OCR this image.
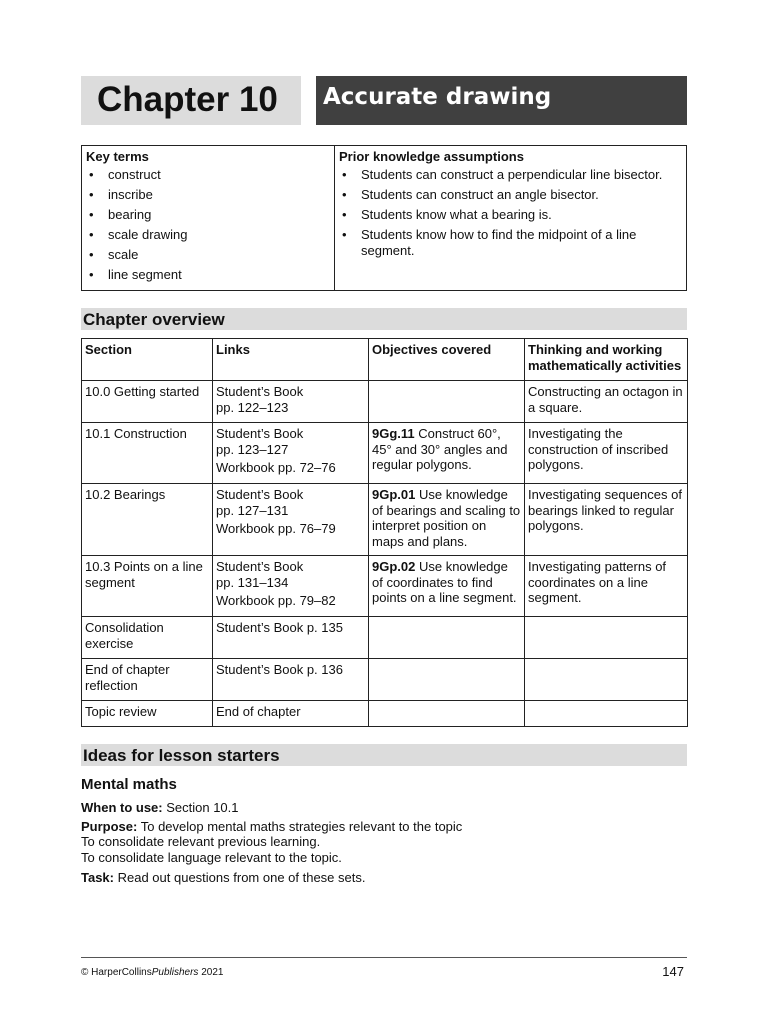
Chapter 10 Accurate drawing
Key terms
• construct
• inscribe
• bearing
• scale drawing
• scale
• line segment
Prior knowledge assumptions
• Students can construct a perpendicular line bisector.
• Students can construct an angle bisector.
• Students know what a bearing is.
• Students know how to find the midpoint of a line segment.
Chapter overview
Section	Links	Objectives covered	Thinking and working mathematically activities
10.0 Getting started	Student’s Book
pp. 122–123		Constructing an octagon in a square.
10.1 Construction	Student’s Book
pp. 123–127
Workbook pp. 72–76	9Gg.11 Construct 60°, 45° and 30° angles and regular polygons.	Investigating the construction of inscribed polygons.
10.2 Bearings	Student’s Book
pp. 127–131
Workbook pp. 76–79	9Gp.01 Use knowledge of bearings and scaling to interpret position on maps and plans.	Investigating sequences of bearings linked to regular polygons.
10.3 Points on a line segment	Student’s Book
pp. 131–134
Workbook pp. 79–82	9Gp.02 Use knowledge of coordinates to find points on a line segment.	Investigating patterns of coordinates on a line segment.
Consolidation exercise	Student’s Book p. 135		
End of chapter reflection	Student’s Book p. 136		
Topic review	End of chapter		
Ideas for lesson starters
Mental maths
When to use: Section 10.1
Purpose: To develop mental maths strategies relevant to the topic
To consolidate relevant previous learning.
To consolidate language relevant to the topic.
Task: Read out questions from one of these sets.
© HarperCollinsPublishers 2021	147
